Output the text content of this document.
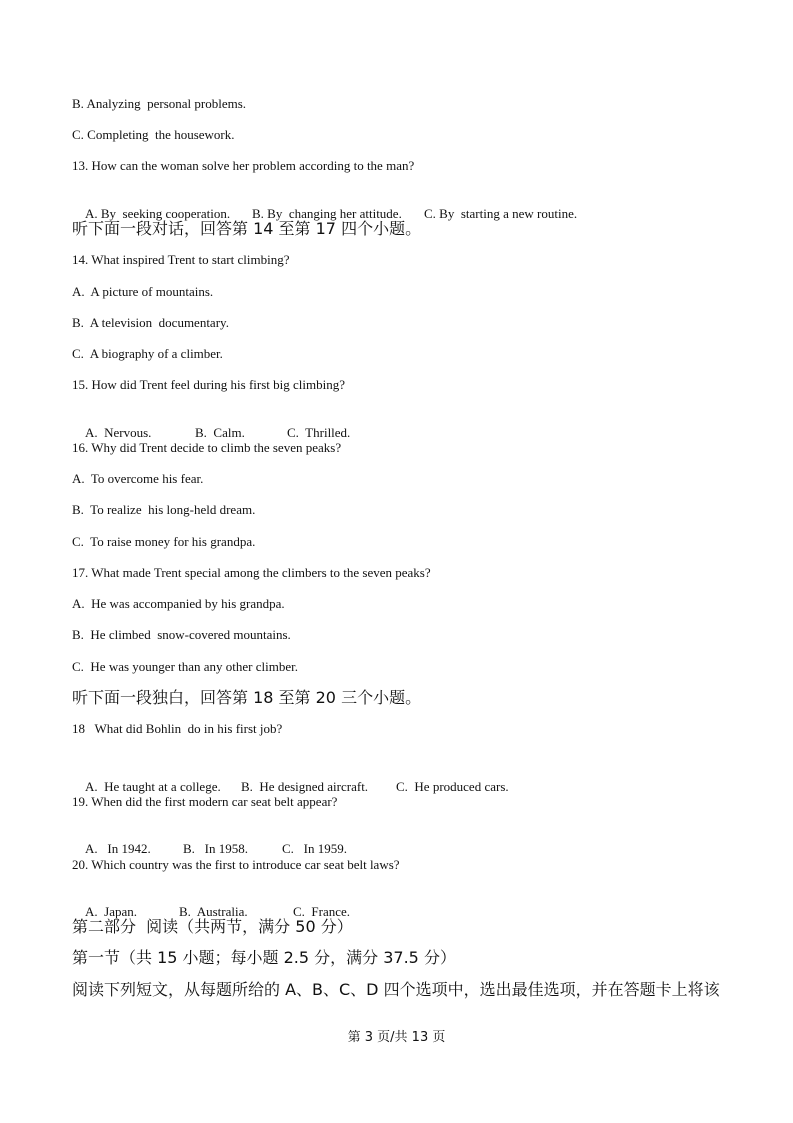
B. Analyzing  personal problems.
C. Completing  the housework.
13. How can the woman solve her problem according to the man?

A. By  seeking cooperation. B. By  changing her attitude. C. By  starting a new routine.

听下面一段对话，回答第 14 至第 17 四个小题。
14. What inspired Trent to start climbing?
A.  A picture of mountains.
B.  A television  documentary.
C.  A biography of a climber.
15. How did Trent feel during his first big climbing?

A.  Nervous.	B.  Calm.	C.  Thrilled.

16. Why did Trent decide to climb the seven peaks?
A.  To overcome his fear.
B.  To realize  his long-held dream.
C.  To raise money for his grandpa.
17. What made Trent special among the climbers to the seven peaks?
A.  He was accompanied by his grandpa.
B.  He climbed  snow-covered mountains.
C.  He was younger than any other climber.
听下面一段独白，回答第 18 至第 20 三个小题。
18   What did Bohlin  do in his first job?

A.  He taught at a college. B.  He designed aircraft. C.  He produced cars.

19. When did the first modern car seat belt appear?

A.   In 1942. B.   In 1958.	C.   In 1959.

20. Which country was the first to introduce car seat belt laws?

A.  Japan.	B.  Australia.	C.  France.

第二部分  阅读（共两节，满分 50 分）
第一节（共 15 小题；每小题 2.5 分，满分 37.5 分）
阅读下列短文，从每题所给的 A、B、C、D 四个选项中，选出最佳选项，并在答题卡上将该
第 3 页/共 13 页
